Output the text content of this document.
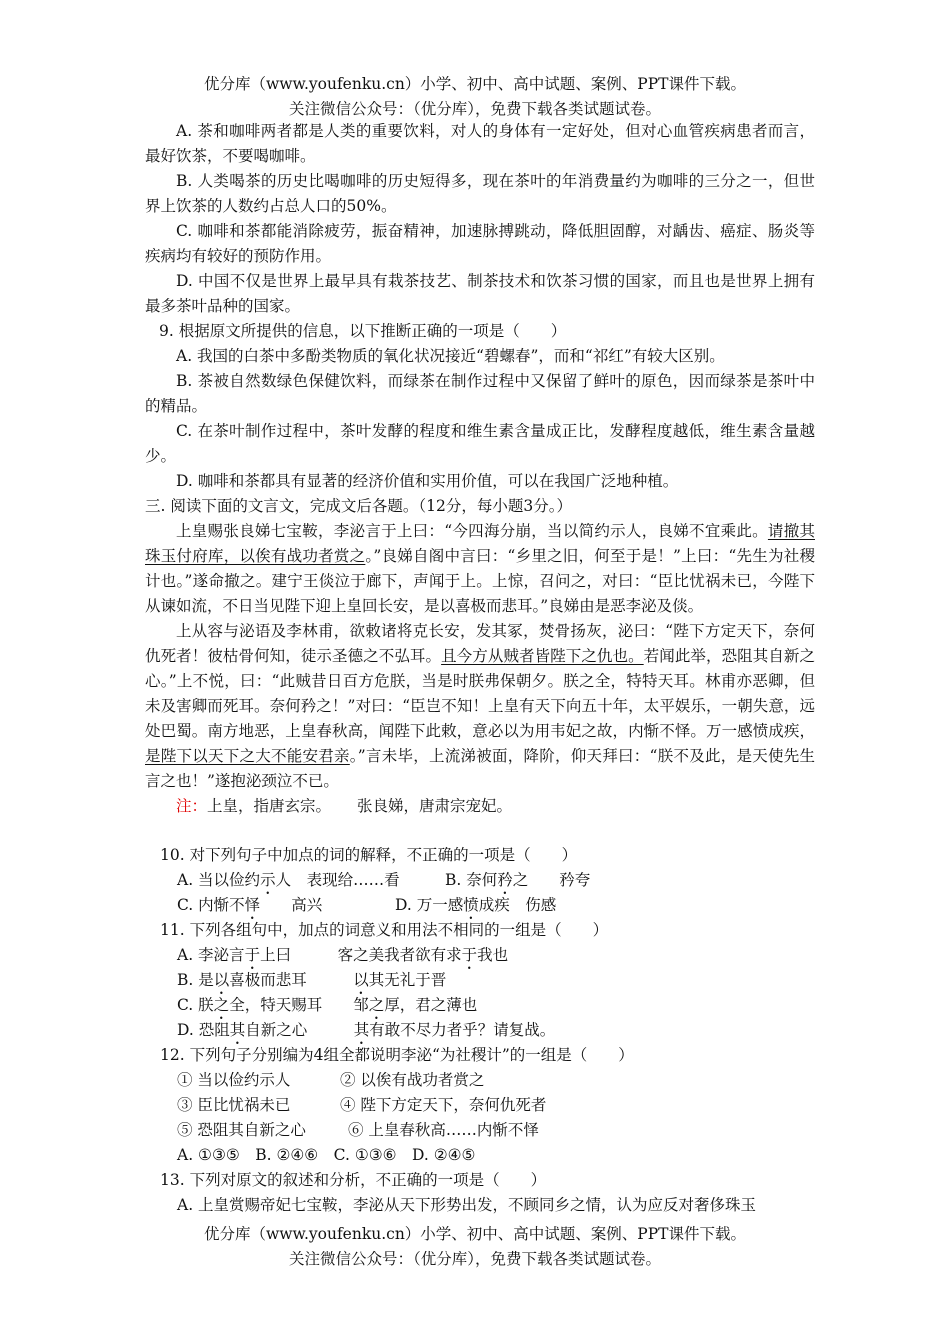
优分库（www.youfenku.cn）小学、初中、高中试题、案例、PPT课件下载。
关注微信公众号：（优分库），免费下载各类试题试卷。

A. 茶和咖啡两者都是人类的重要饮料，对人的身体有一定好处，但对心血管疾病患者而言，最好饮茶，不要喝咖啡。

B. 人类喝茶的历史比喝咖啡的历史短得多，现在茶叶的年消费量约为咖啡的三分之一，但世界上饮茶的人数约占总人口的50%。

C. 咖啡和茶都能消除疲劳，振奋精神，加速脉搏跳动，降低胆固醇，对龋齿、癌症、肠炎等疾病均有较好的预防作用。

D. 中国不仅是世界上最早具有栽茶技艺、制茶技术和饮茶习惯的国家，而且也是世界上拥有最多茶叶品种的国家。

9. 根据原文所提供的信息，以下推断正确的一项是（　　）

A. 我国的白茶中多酚类物质的氧化状况接近“碧螺春”，而和“祁红”有较大区别。

B. 茶被自然数绿色保健饮料，而绿茶在制作过程中又保留了鲜叶的原色，因而绿茶是茶叶中的精品。

C. 在茶叶制作过程中，茶叶发酵的程度和维生素含量成正比，发酵程度越低，维生素含量越少。

D. 咖啡和茶都具有显著的经济价值和实用价值，可以在我国广泛地种植。

三. 阅读下面的文言文，完成文后各题。（12分，每小题3分。）

上皇赐张良娣七宝鞍，李泌言于上曰：“今四海分崩，当以简约示人，良娣不宜乘此。请撤其珠玉付府库，以俟有战功者赏之。”良娣自阁中言曰：“乡里之旧，何至于是！”上曰：“先生为社稷计也。”遂命撤之。建宁王倓泣于廊下，声闻于上。上惊，召问之，对曰：“臣比忧祸未已，今陛下从谏如流，不日当见陛下迎上皇回长安，是以喜极而悲耳。”良娣由是恶李泌及倓。

上从容与泌语及李林甫，欲敕诸将克长安，发其冢，焚骨扬灰，泌曰：“陛下方定天下，奈何仇死者！彼枯骨何知，徒示圣德之不弘耳。且今方从贼者皆陛下之仇也。若闻此举，恐阻其自新之心。”上不悦，曰：“此贼昔日百方危朕，当是时朕弗保朝夕。朕之全，特特天耳。林甫亦恶卿，但未及害卿而死耳。奈何矜之！”对曰：“臣岂不知！上皇有天下向五十年，太平娱乐，一朝失意，远处巴蜀。南方地恶，上皇春秋高，闻陛下此敕，意必以为用韦妃之故，内惭不怿。万一感愤成疾，是陛下以天下之大不能安君亲。”言未毕，上流涕被面，降阶，仰天拜曰：“朕不及此，是天使先生言之也！”遂抱泌颈泣不已。

注：上皇，指唐玄宗。 张良娣，唐肃宗宠妃。

10. 对下列句子中加点的词的解释，不正确的一项是（　　）
A. 当以俭约示人　表现给……看	B. 奈何矜之　　矜夸
C. 内惭不怿　　高兴	D. 万一感愤成疾　伤感
11. 下列各组句中，加点的词意义和用法不相同的一组是（　　）
A. 李泌言于上曰　　　客之美我者欲有求于我也
B. 是以喜极而悲耳　　　以其无礼于晋
C. 朕之全，特天赐耳　　邹之厚，君之薄也
D. 恐阻其自新之心　　　其有敢不尽力者乎？请复战。
12. 下列句子分别编为4组全都说明李泌“为社稷计”的一组是（　　）
① 当以俭约示人	② 以俟有战功者赏之
③ 臣比忧祸未已	④ 陛下方定天下，奈何仇死者
⑤ 恐阻其自新之心	⑥ 上皇春秋高……内惭不怿
A. ①③⑤　B. ②④⑥　C. ①③⑥　D. ②④⑤
13. 下列对原文的叙述和分析，不正确的一项是（　　）
A. 上皇赏赐帝妃七宝鞍，李泌从天下形势出发，不顾同乡之情，认为应反对奢侈珠玉
优分库（www.youfenku.cn）小学、初中、高中试题、案例、PPT课件下载。
关注微信公众号：（优分库），免费下载各类试题试卷。
